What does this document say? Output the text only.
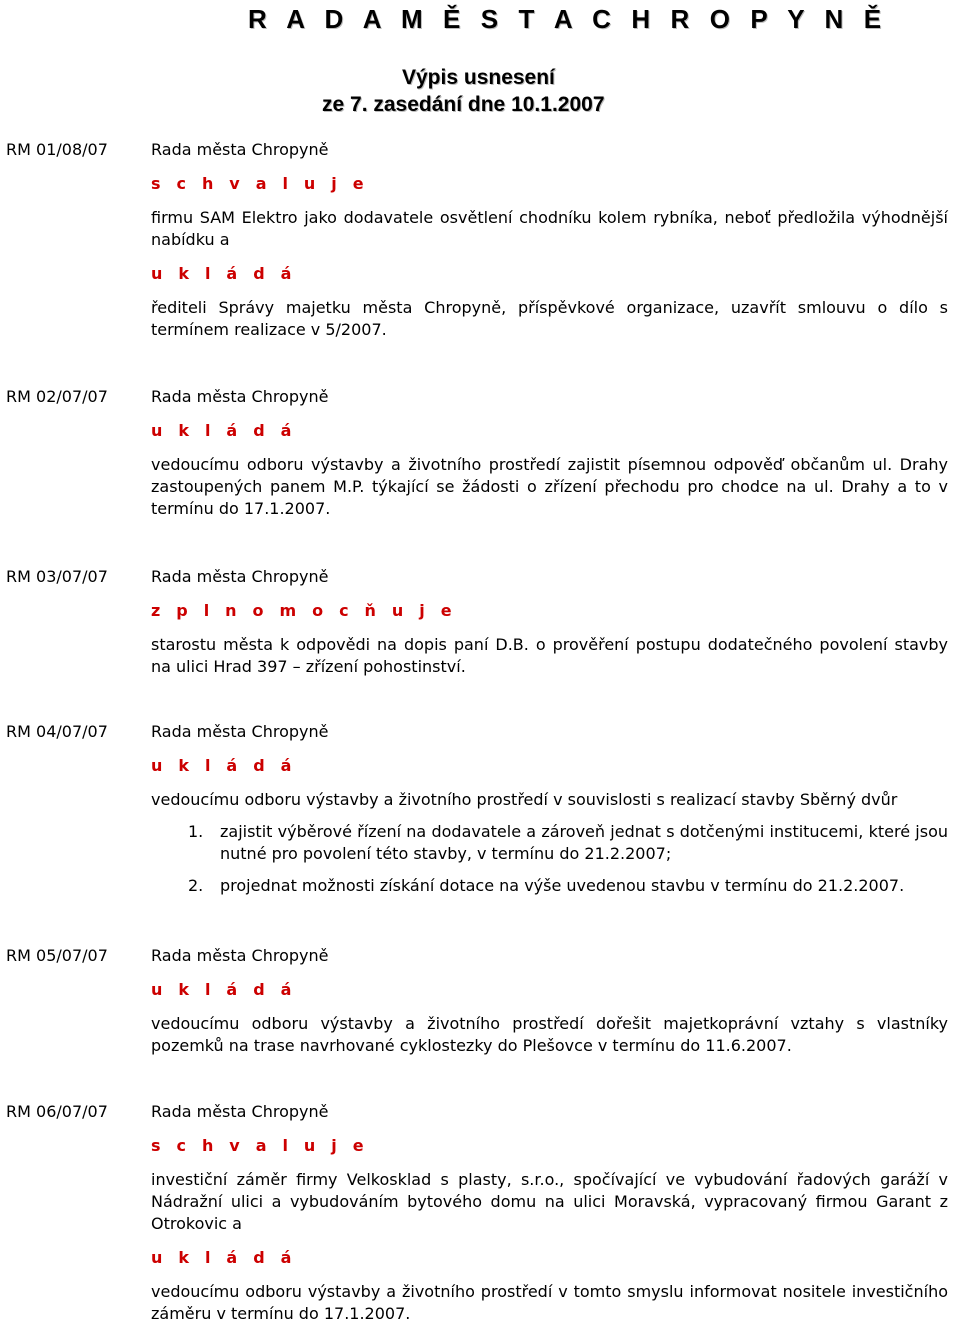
R A D A M Ě S T A C H R O P Y N Ě
Výpis usnesení
ze 7. zasedání dne 10.1.2007
RM 01/08/07	Rada města Chropyně

s c h v a l u j e

firmu SAM Elektro jako dodavatele osvětlení chodníku kolem rybníka, neboť předložila výhodnější nabídku a

u k l á d á

řediteli Správy majetku města Chropyně, příspěvkové organizace, uzavřít smlouvu o dílo s termínem realizace v 5/2007.

RM 02/07/07	Rada města Chropyně

u k l á d á

vedoucímu odboru výstavby a životního prostředí zajistit písemnou odpověď občanům ul. Drahy zastoupených panem M.P. týkající se žádosti o zřízení přechodu pro chodce na ul. Drahy a to v termínu do 17.1.2007.

RM 03/07/07	Rada města Chropyně

z p l n o m o c ň u j e

starostu města k odpovědi na dopis paní D.B. o prověření postupu dodatečného povolení stavby na ulici Hrad 397 – zřízení pohostinství.

RM 04/07/07	Rada města Chropyně

u k l á d á

vedoucímu odboru výstavby a životního prostředí v souvislosti s realizací stavby Sběrný dvůr

1. zajistit výběrové řízení na dodavatele a zároveň jednat s dotčenými institucemi, které jsou nutné pro povolení této stavby, v termínu do 21.2.2007;
2. projednat možnosti získání dotace na výše uvedenou stavbu v termínu do 21.2.2007.
RM 05/07/07	Rada města Chropyně

u k l á d á

vedoucímu odboru výstavby a životního prostředí dořešit majetkoprávní vztahy s vlastníky pozemků na trase navrhované cyklostezky do Plešovce v termínu do 11.6.2007.

RM 06/07/07	Rada města Chropyně

s c h v a l u j e

investiční záměr firmy Velkosklad s plasty, s.r.o., spočívající ve vybudování řadových garáží v Nádražní ulici a vybudováním bytového domu na ulici Moravská, vypracovaný firmou Garant z Otrokovic a

u k l á d á

vedoucímu odboru výstavby a životního prostředí v tomto smyslu informovat nositele investičního záměru v termínu do 17.1.2007.
